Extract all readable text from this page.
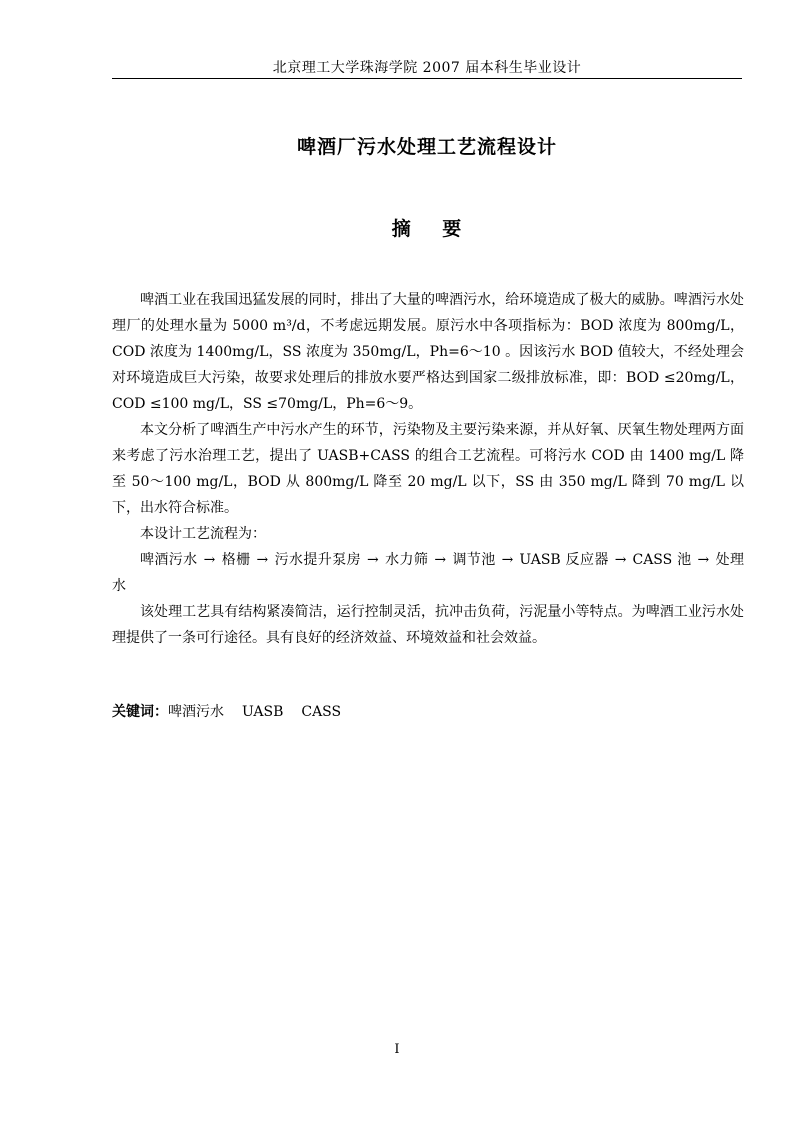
北京理工大学珠海学院 2007 届本科生毕业设计
啤酒厂污水处理工艺流程设计
摘    要

啤酒工业在我国迅猛发展的同时，排出了大量的啤酒污水，给环境造成了极大的威胁。啤酒污水处理厂的处理水量为 5000 m³/d，不考虑远期发展。原污水中各项指标为：BOD 浓度为 800mg/L，COD 浓度为 1400mg/L，SS 浓度为 350mg/L，Ph=6～10 。因该污水 BOD 值较大，不经处理会对环境造成巨大污染，故要求处理后的排放水要严格达到国家二级排放标准，即：BOD ≤20mg/L，COD ≤100 mg/L，SS ≤70mg/L，Ph=6～9。

本文分析了啤酒生产中污水产生的环节，污染物及主要污染来源，并从好氧、厌氧生物处理两方面来考虑了污水治理工艺，提出了 UASB+CASS 的组合工艺流程。可将污水 COD 由 1400 mg/L 降至 50～100 mg/L，BOD 从 800mg/L 降至 20 mg/L 以下，SS 由 350 mg/L 降到 70 mg/L 以下，出水符合标准。

本设计工艺流程为：

啤酒污水 → 格栅 → 污水提升泵房 → 水力筛 → 调节池 → UASB 反应器 → CASS 池 → 处理水

该处理工艺具有结构紧凑简洁，运行控制灵活，抗冲击负荷，污泥量小等特点。为啤酒工业污水处理提供了一条可行途径。具有良好的经济效益、环境效益和社会效益。

关键词：啤酒污水 UASB CASS
I
